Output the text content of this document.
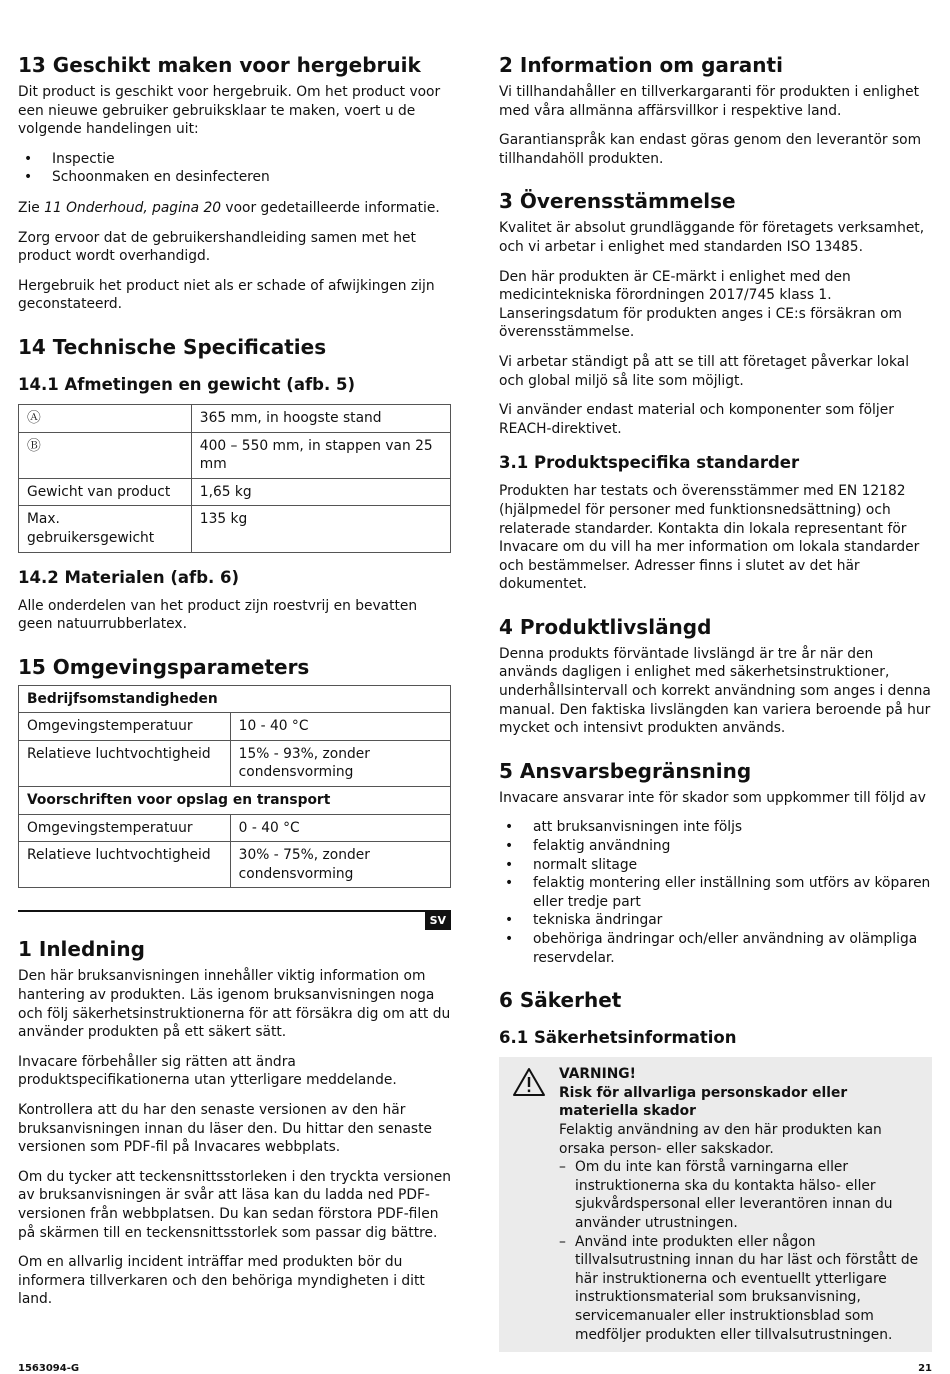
13 Geschikt maken voor hergebruik
Dit product is geschikt voor hergebruik. Om het product voor een nieuwe gebruiker gebruiksklaar te maken, voert u de volgende handelingen uit:
• Inspectie
• Schoonmaken en desinfecteren
Zie 11 Onderhoud, pagina 20 voor gedetailleerde informatie.
Zorg ervoor dat de gebruikershandleiding samen met het product wordt overhandigd.
Hergebruik het product niet als er schade of afwijkingen zijn geconstateerd.
14 Technische Specificaties
14.1 Afmetingen en gewicht (afb. 5)
Ⓐ	365 mm, in hoogste stand
Ⓑ	400 – 550 mm, in stappen van 25 mm
Gewicht van product	1,65 kg
Max. gebruikersgewicht	135 kg
14.2 Materialen (afb. 6)
Alle onderdelen van het product zijn roestvrij en bevatten geen natuurrubberlatex.
15 Omgevingsparameters
Bedrijfsomstandigheden	
Omgevingstemperatuur	10 - 40 °C
Relatieve luchtvochtigheid	15% - 93%, zonder condensvorming
Voorschriften voor opslag en transport	
Omgevingstemperatuur	0 - 40 °C
Relatieve luchtvochtigheid	30% - 75%, zonder condensvorming
SV
1 Inledning
Den här bruksanvisningen innehåller viktig information om hantering av produkten. Läs igenom bruksanvisningen noga och följ säkerhetsinstruktionerna för att försäkra dig om att du använder produkten på ett säkert sätt.
Invacare förbehåller sig rätten att ändra produktspecifikationerna utan ytterligare meddelande.
Kontrollera att du har den senaste versionen av den här bruksanvisningen innan du läser den. Du hittar den senaste versionen som PDF-fil på Invacares webbplats.
Om du tycker att teckensnittsstorleken i den tryckta versionen av bruksanvisningen är svår att läsa kan du ladda ned PDF-versionen från webbplatsen. Du kan sedan förstora PDF-filen på skärmen till en teckensnittsstorlek som passar dig bättre.
Om en allvarlig incident inträffar med produkten bör du informera tillverkaren och den behöriga myndigheten i ditt land.
2 Information om garanti
Vi tillhandahåller en tillverkargaranti för produkten i enlighet med våra allmänna affärsvillkor i respektive land.
Garantianspråk kan endast göras genom den leverantör som tillhandahöll produkten.
3 Överensstämmelse
Kvalitet är absolut grundläggande för företagets verksamhet, och vi arbetar i enlighet med standarden ISO 13485.
Den här produkten är CE-märkt i enlighet med den medicintekniska förordningen 2017/745 klass 1. Lanseringsdatum för produkten anges i CE:s försäkran om överensstämmelse.
Vi arbetar ständigt på att se till att företaget påverkar lokal och global miljö så lite som möjligt.
Vi använder endast material och komponenter som följer REACH-direktivet.
3.1 Produktspecifika standarder
Produkten har testats och överensstämmer med EN 12182 (hjälpmedel för personer med funktionsnedsättning) och relaterade standarder. Kontakta din lokala representant för Invacare om du vill ha mer information om lokala standarder och bestämmelser. Adresser finns i slutet av det här dokumentet.
4 Produktlivslängd
Denna produkts förväntade livslängd är tre år när den används dagligen i enlighet med säkerhetsinstruktioner, underhållsintervall och korrekt användning som anges i denna manual. Den faktiska livslängden kan variera beroende på hur mycket och intensivt produkten används.
5 Ansvarsbegränsning
Invacare ansvarar inte för skador som uppkommer till följd av
• att bruksanvisningen inte följs
• felaktig användning
• normalt slitage
• felaktig montering eller inställning som utförs av köparen eller tredje part
• tekniska ändringar
• obehöriga ändringar och/eller användning av olämpliga reservdelar.
6 Säkerhet
6.1 Säkerhetsinformation
VARNING!
Risk för allvarliga personskador eller materiella skador
Felaktig användning av den här produkten kan orsaka person- eller sakskador.
– Om du inte kan förstå varningarna eller instruktionerna ska du kontakta hälso- eller sjukvårdspersonal eller leverantören innan du använder utrustningen.
– Använd inte produkten eller någon tillvalsutrustning innan du har läst och förstått de här instruktionerna och eventuellt ytterligare instruktionsmaterial som bruksanvisning, servicemanualer eller instruktionsblad som medföljer produkten eller tillvalsutrustningen.
1563094-G	21
